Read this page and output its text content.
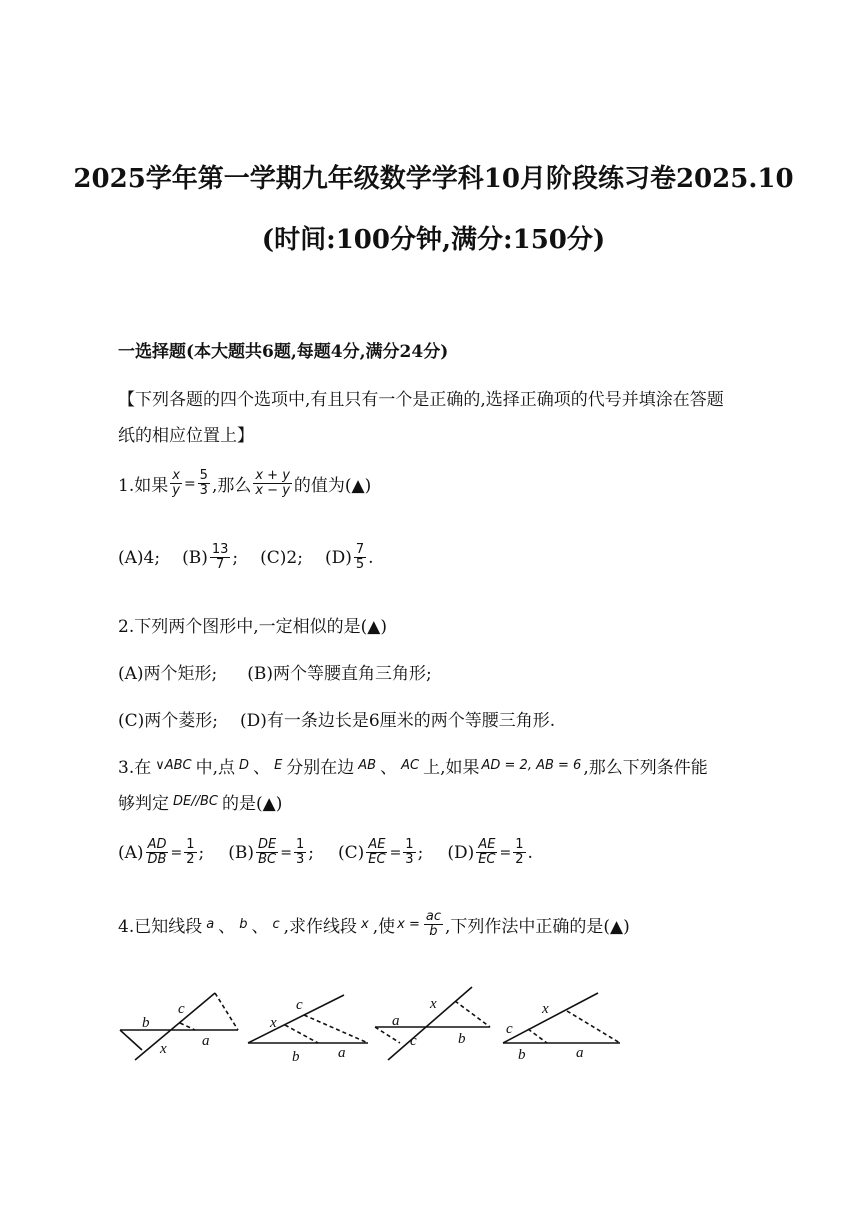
2025学年第一学期九年级数学学科10月阶段练习卷2025.10
(时间:100分钟,满分:150分)
一选择题(本大题共6题,每题4分,满分24分)
【下列各题的四个选项中,有且只有一个是正确的,选择正确项的代号并填涂在答题
纸的相应位置上】
1.如果 $\frac{x}{y} = \frac{5}{3}$ ,那么 $\frac{x + y}{x - y}$ 的值为(▲)
(A)4; $(B) \frac{13}{7}$ ; (C)2; $(D) \frac{7}{5}$ .
2.下列两个图形中,一定相似的是(▲)
(A)两个矩形; (B)两个等腰直角三角形;
(C)两个菱形; (D)有一条边长是6厘米的两个等腰三角形.
3.在 ∨ABC 中,点 D 、 E 分别在边 AB 、 AC 上,如果 AD = 2, AB = 6 ,那么下列条件能
够判定 DE//BC 的是(▲)
$(A) \frac{AD}{DB} = \frac{1}{2}$ ; $(B) \frac{DE}{BC} = \frac{1}{3}$ ; $(C) \frac{AE}{EC} = \frac{1}{3}$ ; $(D) \frac{AE}{EC} = \frac{1}{2}$ .
4.已知线段 a 、 b 、 c ,求作线段 x ,使 $x = \frac{ac}{b}$ ,下列作法中正确的是(▲)
b
c
x a
c
x
b	a
a
x
c	b
c
x
b	a
